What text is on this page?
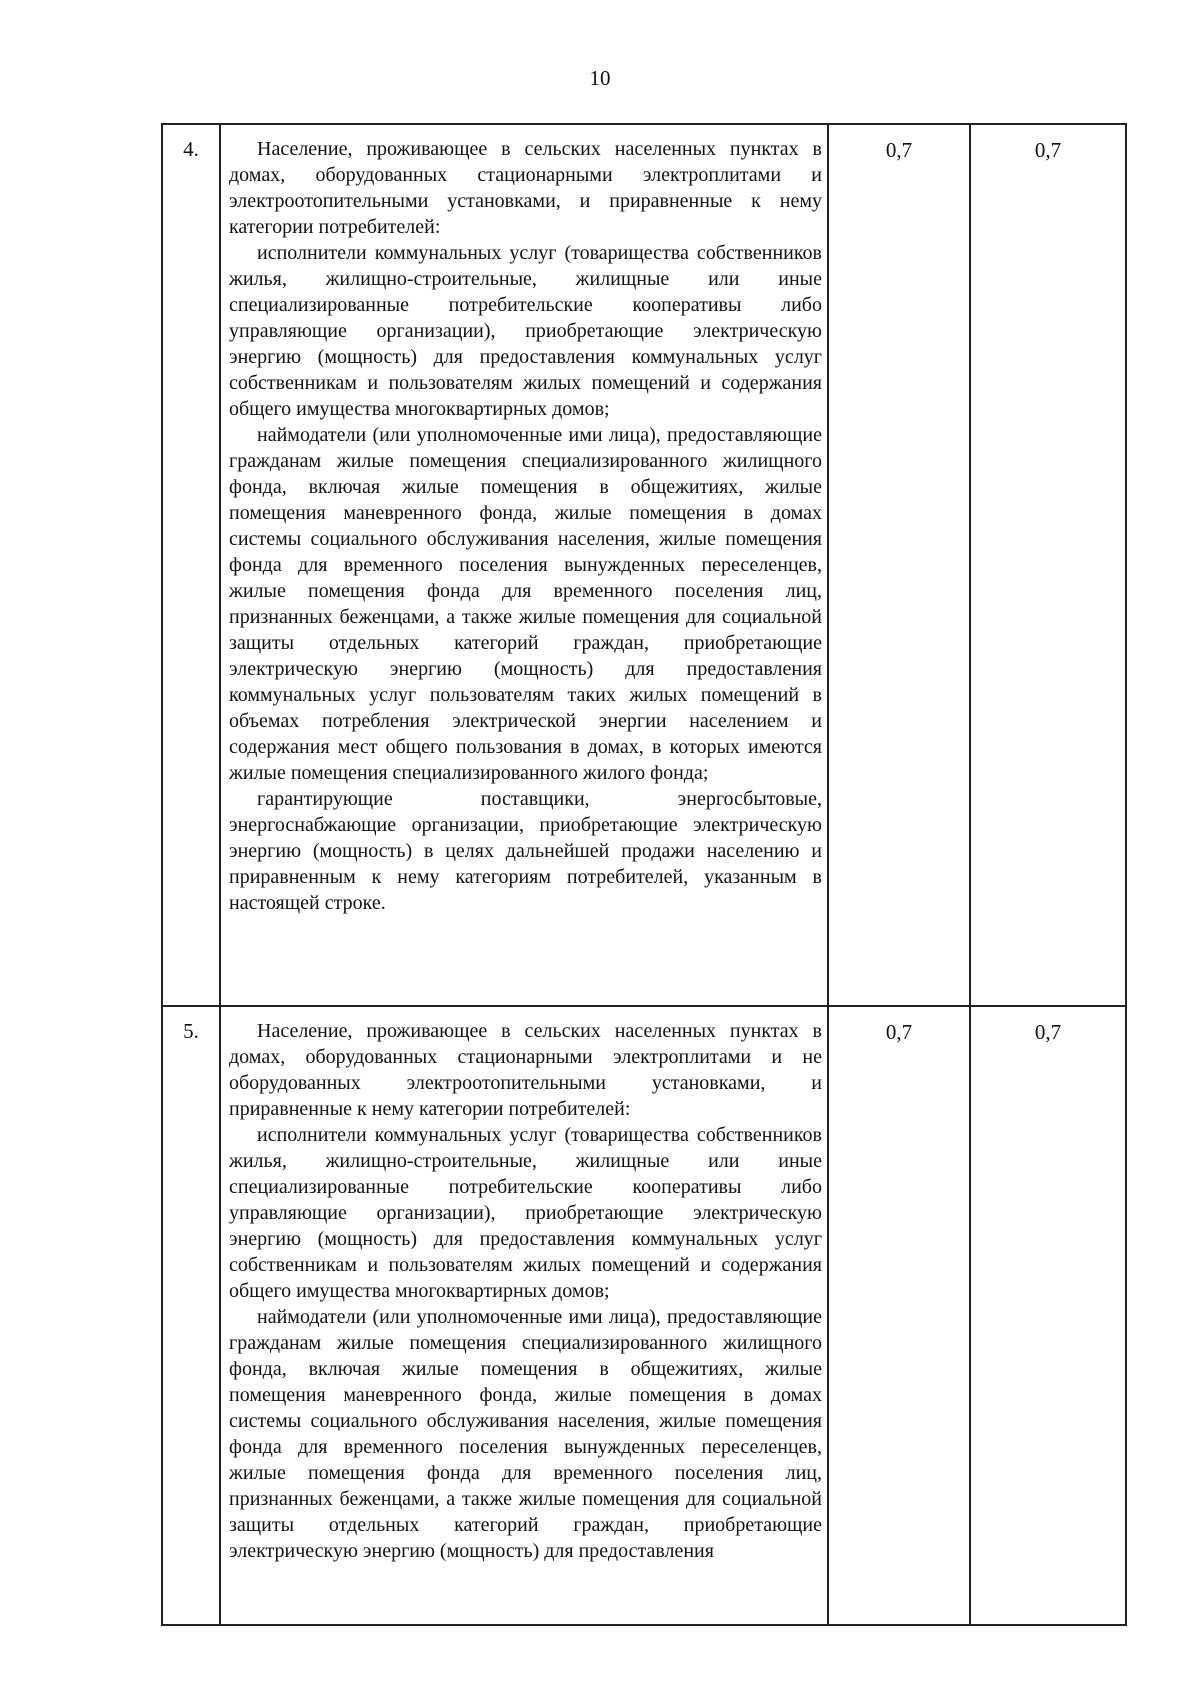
10
4.	Население, проживающее в сельских населенных пунктах в домах, оборудованных стационарными электроплитами и электроотопительными установками, и приравненные к нему категории потребителей:

исполнители коммунальных услуг (товарищества собственников жилья, жилищно-строительные, жилищные или иные специализированные потребительские кооперативы либо управляющие организации), приобретающие электрическую энергию (мощность) для предоставления коммунальных услуг собственникам и пользователям жилых помещений и содержания общего имущества многоквартирных домов;

наймодатели (или уполномоченные ими лица), предоставляющие гражданам жилые помещения специализированного жилищного фонда, включая жилые помещения в общежитиях, жилые помещения маневренного фонда, жилые помещения в домах системы социального обслуживания населения, жилые помещения фонда для временного поселения вынужденных переселенцев, жилые помещения фонда для временного поселения лиц, признанных беженцами, а также жилые помещения для социальной защиты отдельных категорий граждан, приобретающие электрическую энергию (мощность) для предоставления коммунальных услуг пользователям таких жилых помещений в объемах потребления электрической энергии населением и содержания мест общего пользования в домах, в которых имеются жилые помещения специализированного жилого фонда;

гарантирующие поставщики, энергосбытовые, энергоснабжающие организации, приобретающие электрическую энергию (мощность) в целях дальнейшей продажи населению и приравненным к нему категориям потребителей, указанным в настоящей строке.	0,7	0,7

5.	Население, проживающее в сельских населенных пунктах в домах, оборудованных стационарными электроплитами и не оборудованных электроотопительными установками, и приравненные к нему категории потребителей:

исполнители коммунальных услуг (товарищества собственников жилья, жилищно-строительные, жилищные или иные специализированные потребительские кооперативы либо управляющие организации), приобретающие электрическую энергию (мощность) для предоставления коммунальных услуг собственникам и пользователям жилых помещений и содержания общего имущества многоквартирных домов;

наймодатели (или уполномоченные ими лица), предоставляющие гражданам жилые помещения специализированного жилищного фонда, включая жилые помещения в общежитиях, жилые помещения маневренного фонда, жилые помещения в домах системы социального обслуживания населения, жилые помещения фонда для временного поселения вынужденных переселенцев, жилые помещения фонда для временного поселения лиц, признанных беженцами, а также жилые помещения для социальной защиты отдельных категорий граждан, приобретающие электрическую энергию (мощность) для предоставления	0,7	0,7
